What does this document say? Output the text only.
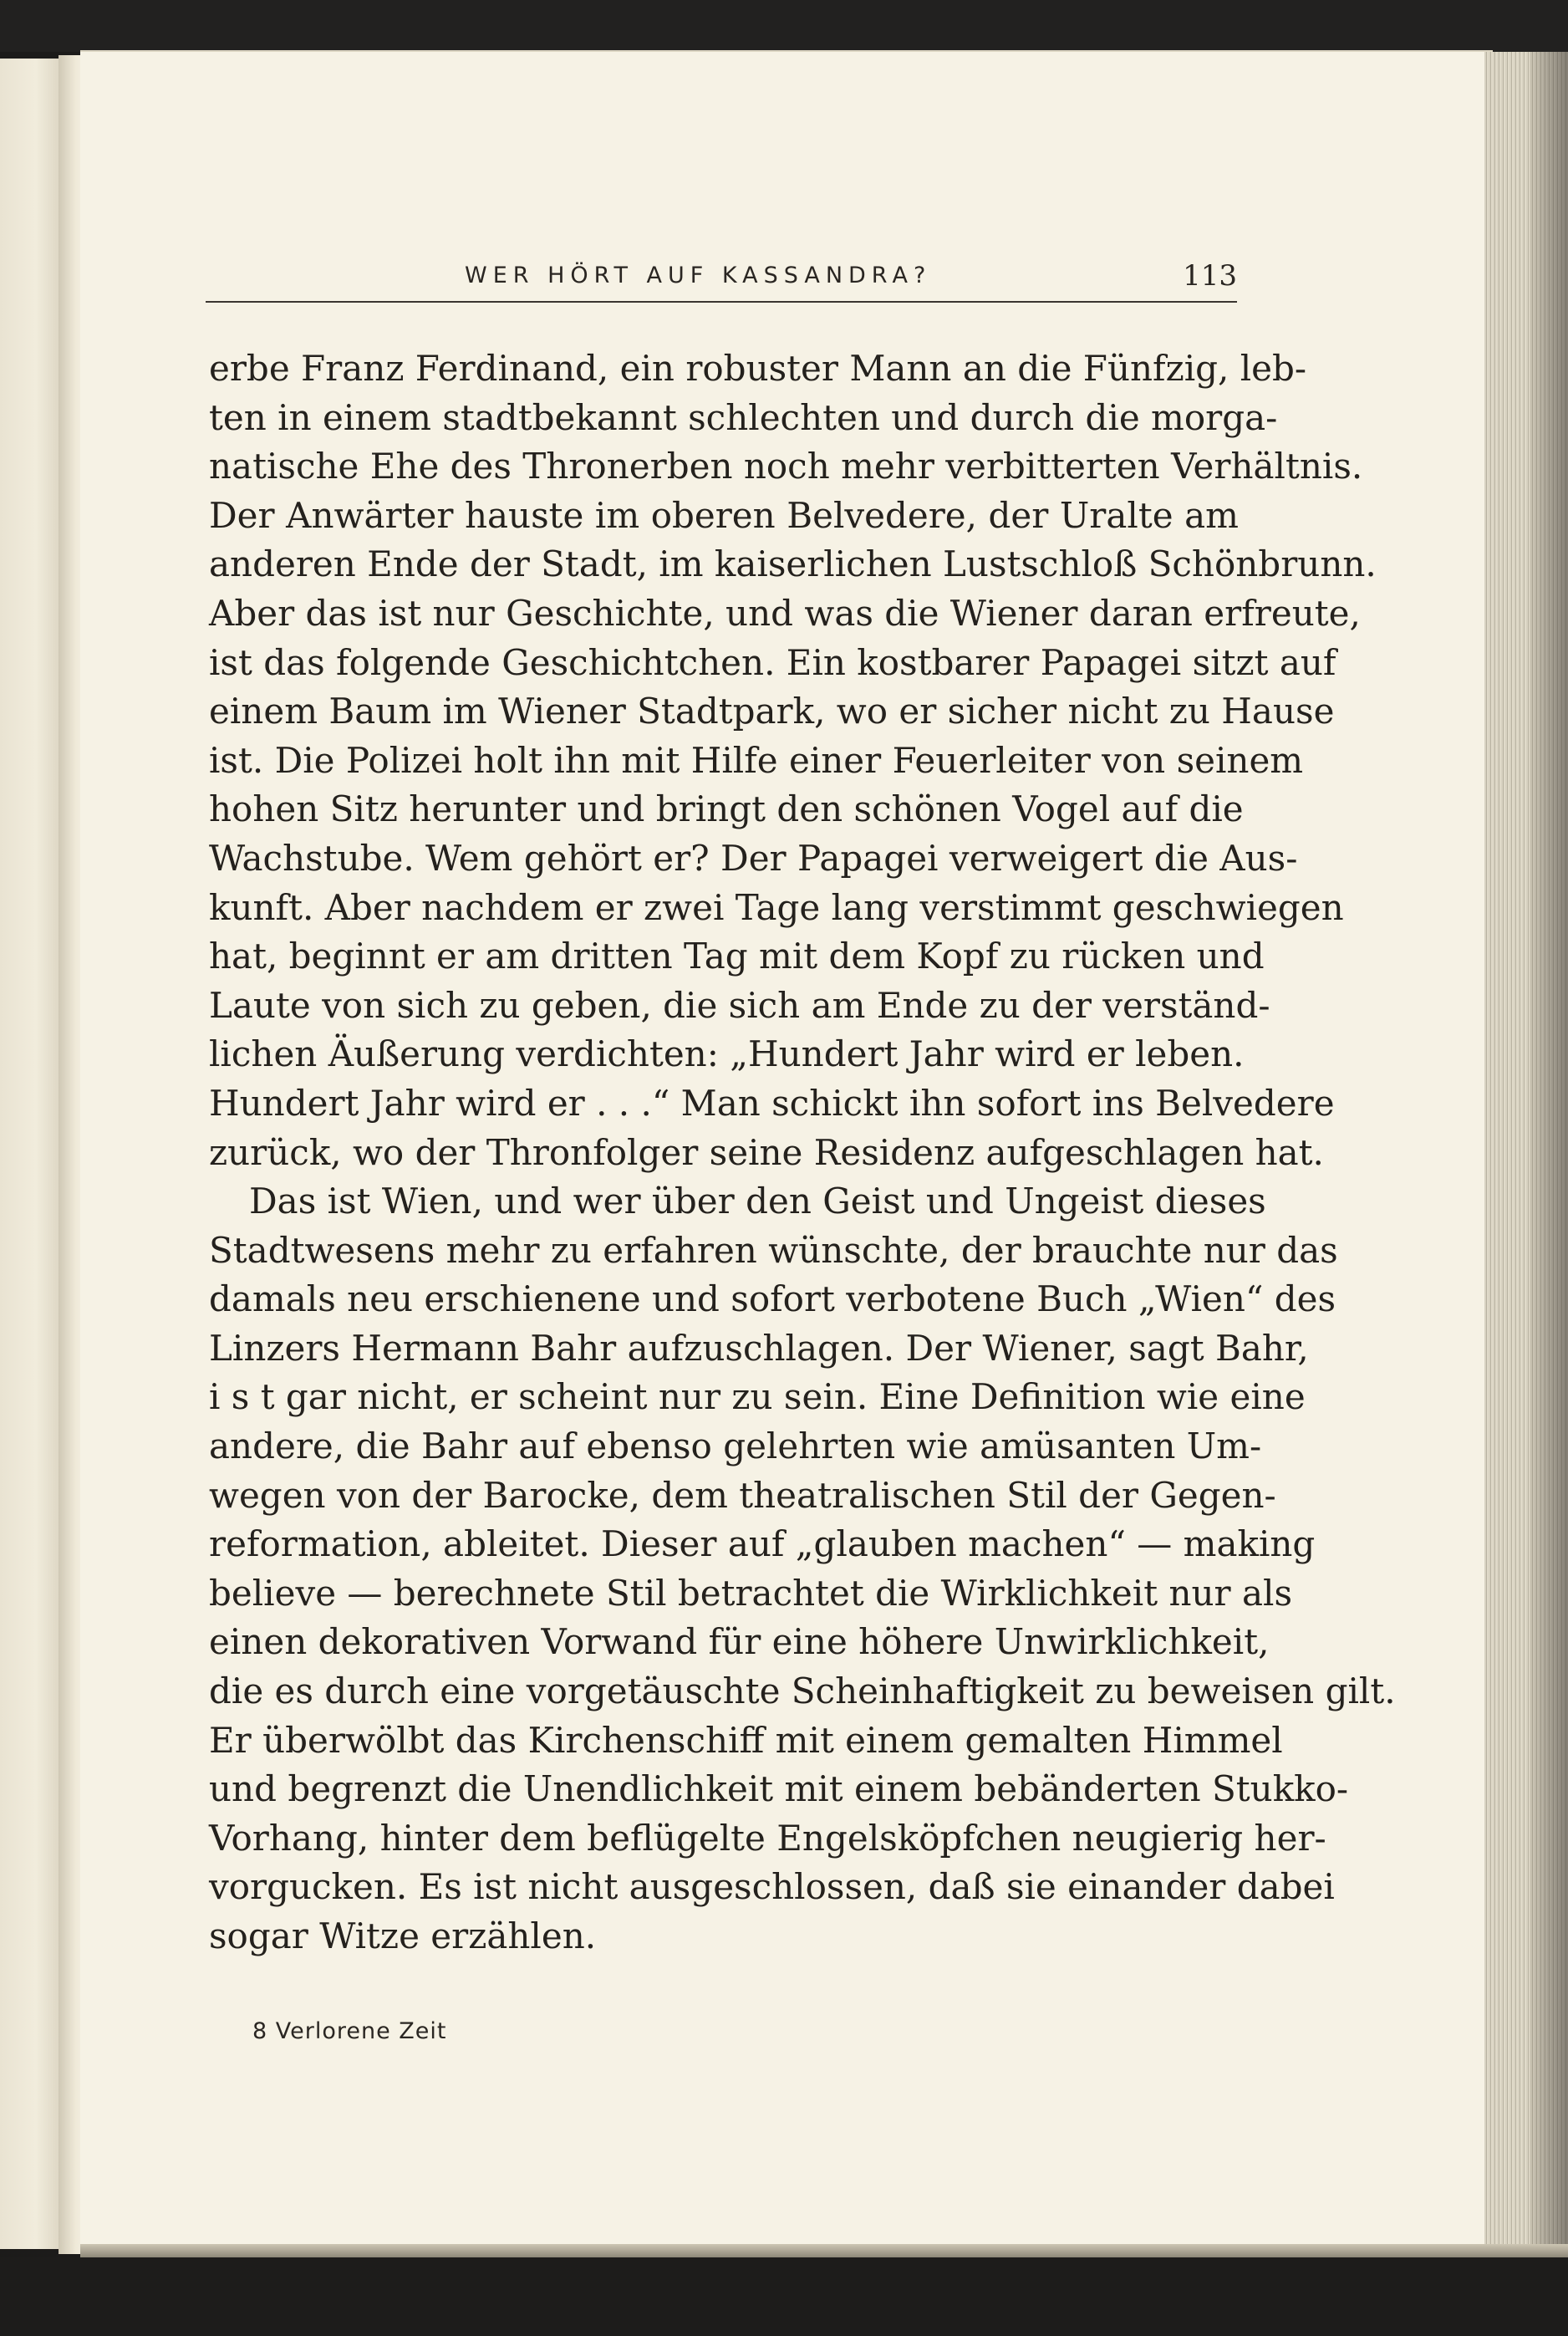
WER HÖRT AUF KASSANDRA?	113
erbe Franz Ferdinand, ein robuster Mann an die Fünfzig, leb-
ten in einem stadtbekannt schlechten und durch die morga-
natische Ehe des Thronerben noch mehr verbitterten Verhältnis.
Der Anwärter hauste im oberen Belvedere, der Uralte am
anderen Ende der Stadt, im kaiserlichen Lustschloß Schönbrunn.
Aber das ist nur Geschichte, und was die Wiener daran erfreute,
ist das folgende Geschichtchen. Ein kostbarer Papagei sitzt auf
einem Baum im Wiener Stadtpark, wo er sicher nicht zu Hause
ist. Die Polizei holt ihn mit Hilfe einer Feuerleiter von seinem
hohen Sitz herunter und bringt den schönen Vogel auf die
Wachstube. Wem gehört er? Der Papagei verweigert die Aus-
kunft. Aber nachdem er zwei Tage lang verstimmt geschwiegen
hat, beginnt er am dritten Tag mit dem Kopf zu rücken und
Laute von sich zu geben, die sich am Ende zu der verständ-
lichen Äußerung verdichten: „Hundert Jahr wird er leben.
Hundert Jahr wird er . . .“ Man schickt ihn sofort ins Belvedere
zurück, wo der Thronfolger seine Residenz aufgeschlagen hat.
Das ist Wien, und wer über den Geist und Ungeist dieses
Stadtwesens mehr zu erfahren wünschte, der brauchte nur das
damals neu erschienene und sofort verbotene Buch „Wien“ des
Linzers Hermann Bahr aufzuschlagen. Der Wiener, sagt Bahr,
i s t gar nicht, er scheint nur zu sein. Eine Definition wie eine
andere, die Bahr auf ebenso gelehrten wie amüsanten Um-
wegen von der Barocke, dem theatralischen Stil der Gegen-
reformation, ableitet. Dieser auf „glauben machen“ — making
believe — berechnete Stil betrachtet die Wirklichkeit nur als
einen dekorativen Vorwand für eine höhere Unwirklichkeit,
die es durch eine vorgetäuschte Scheinhaftigkeit zu beweisen gilt.
Er überwölbt das Kirchenschiff mit einem gemalten Himmel
und begrenzt die Unendlichkeit mit einem bebänderten Stukko-
Vorhang, hinter dem beflügelte Engelsköpfchen neugierig her-
vorgucken. Es ist nicht ausgeschlossen, daß sie einander dabei
sogar Witze erzählen.
8 Verlorene Zeit
